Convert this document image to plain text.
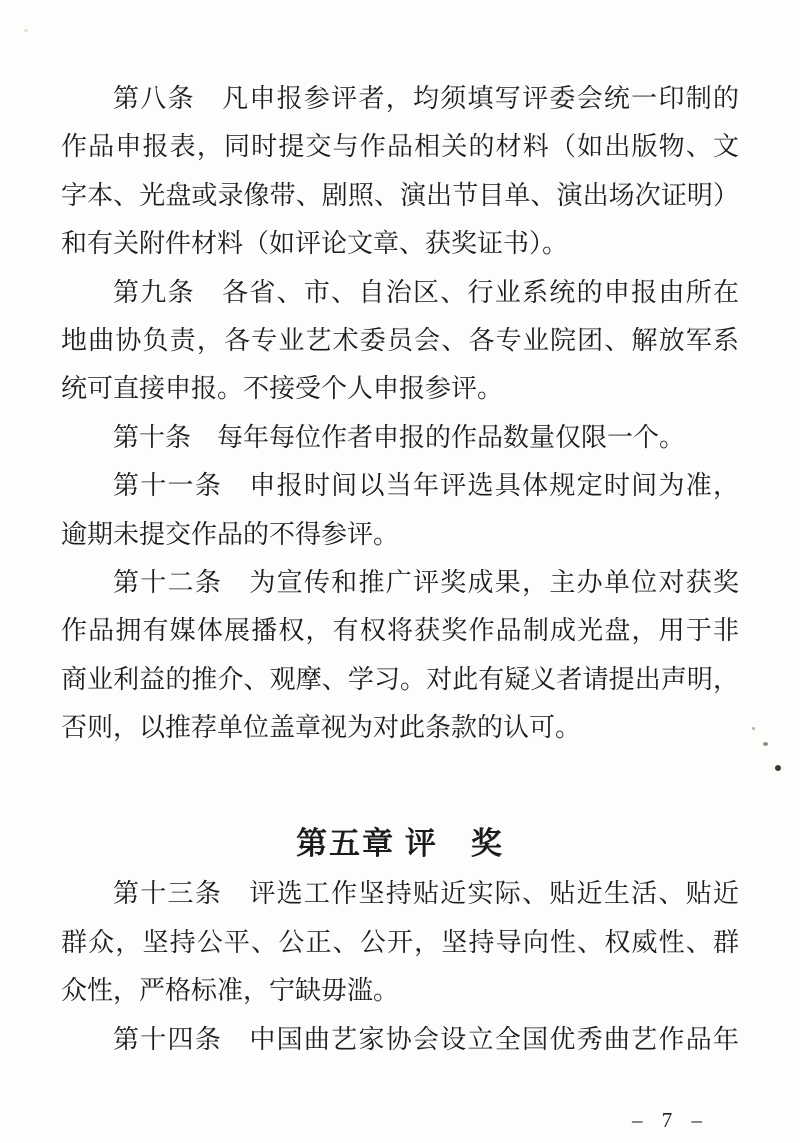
第八条　凡申报参评者，均须填写评委会统一印制的
作品申报表，同时提交与作品相关的材料（如出版物、文
字本、光盘或录像带、剧照、演出节目单、演出场次证明）
和有关附件材料（如评论文章、获奖证书）。
第九条　各省、市、自治区、行业系统的申报由所在
地曲协负责，各专业艺术委员会、各专业院团、解放军系
统可直接申报。不接受个人申报参评。
第十条　每年每位作者申报的作品数量仅限一个。
第十一条　申报时间以当年评选具体规定时间为准，
逾期未提交作品的不得参评。
第十二条　为宣传和推广评奖成果，主办单位对获奖
作品拥有媒体展播权，有权将获奖作品制成光盘，用于非
商业利益的推介、观摩、学习。对此有疑义者请提出声明，
否则，以推荐单位盖章视为对此条款的认可。
第五章 评　奖
第十三条　评选工作坚持贴近实际、贴近生活、贴近
群众，坚持公平、公正、公开，坚持导向性、权威性、群
众性，严格标准，宁缺毋滥。
第十四条　中国曲艺家协会设立全国优秀曲艺作品年
– 7 –
